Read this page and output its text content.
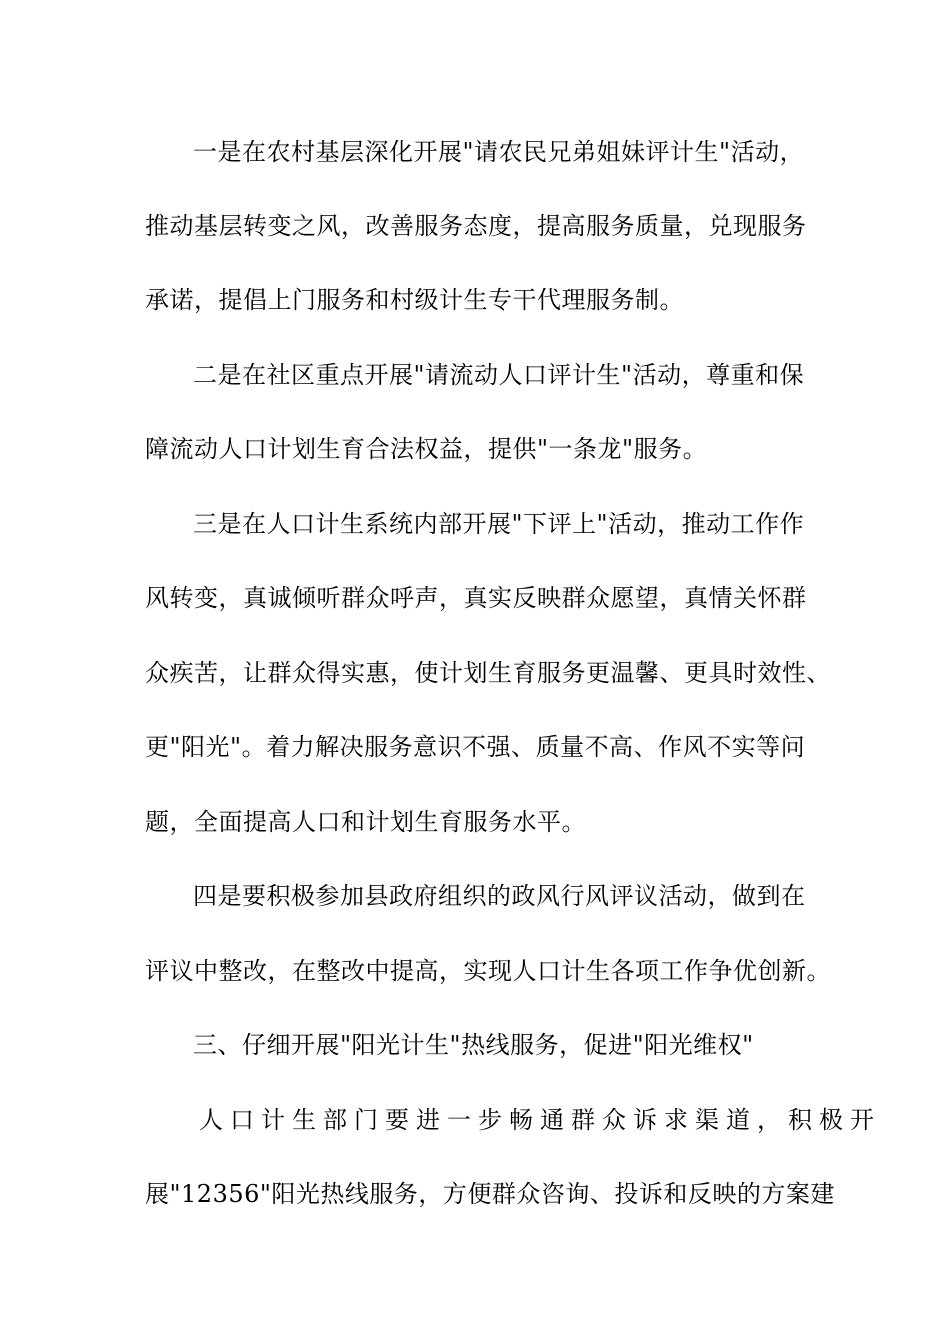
一是在农村基层深化开展"请农民兄弟姐妹评计生"活动，
推动基层转变之风，改善服务态度，提高服务质量，兑现服务
承诺，提倡上门服务和村级计生专干代理服务制。
二是在社区重点开展"请流动人口评计生"活动，尊重和保
障流动人口计划生育合法权益，提供"一条龙"服务。
三是在人口计生系统内部开展"下评上"活动，推动工作作
风转变，真诚倾听群众呼声，真实反映群众愿望，真情关怀群
众疾苦，让群众得实惠，使计划生育服务更温馨、更具时效性、
更"阳光"。着力解决服务意识不强、质量不高、作风不实等问
题，全面提高人口和计划生育服务水平。
四是要积极参加县政府组织的政风行风评议活动，做到在
评议中整改，在整改中提高，实现人口计生各项工作争优创新。
三、仔细开展"阳光计生"热线服务，促进"阳光维权"
人口计生部门要进一步畅通群众诉求渠道，积极开
展"12356"阳光热线服务，方便群众咨询、投诉和反映的方案建
